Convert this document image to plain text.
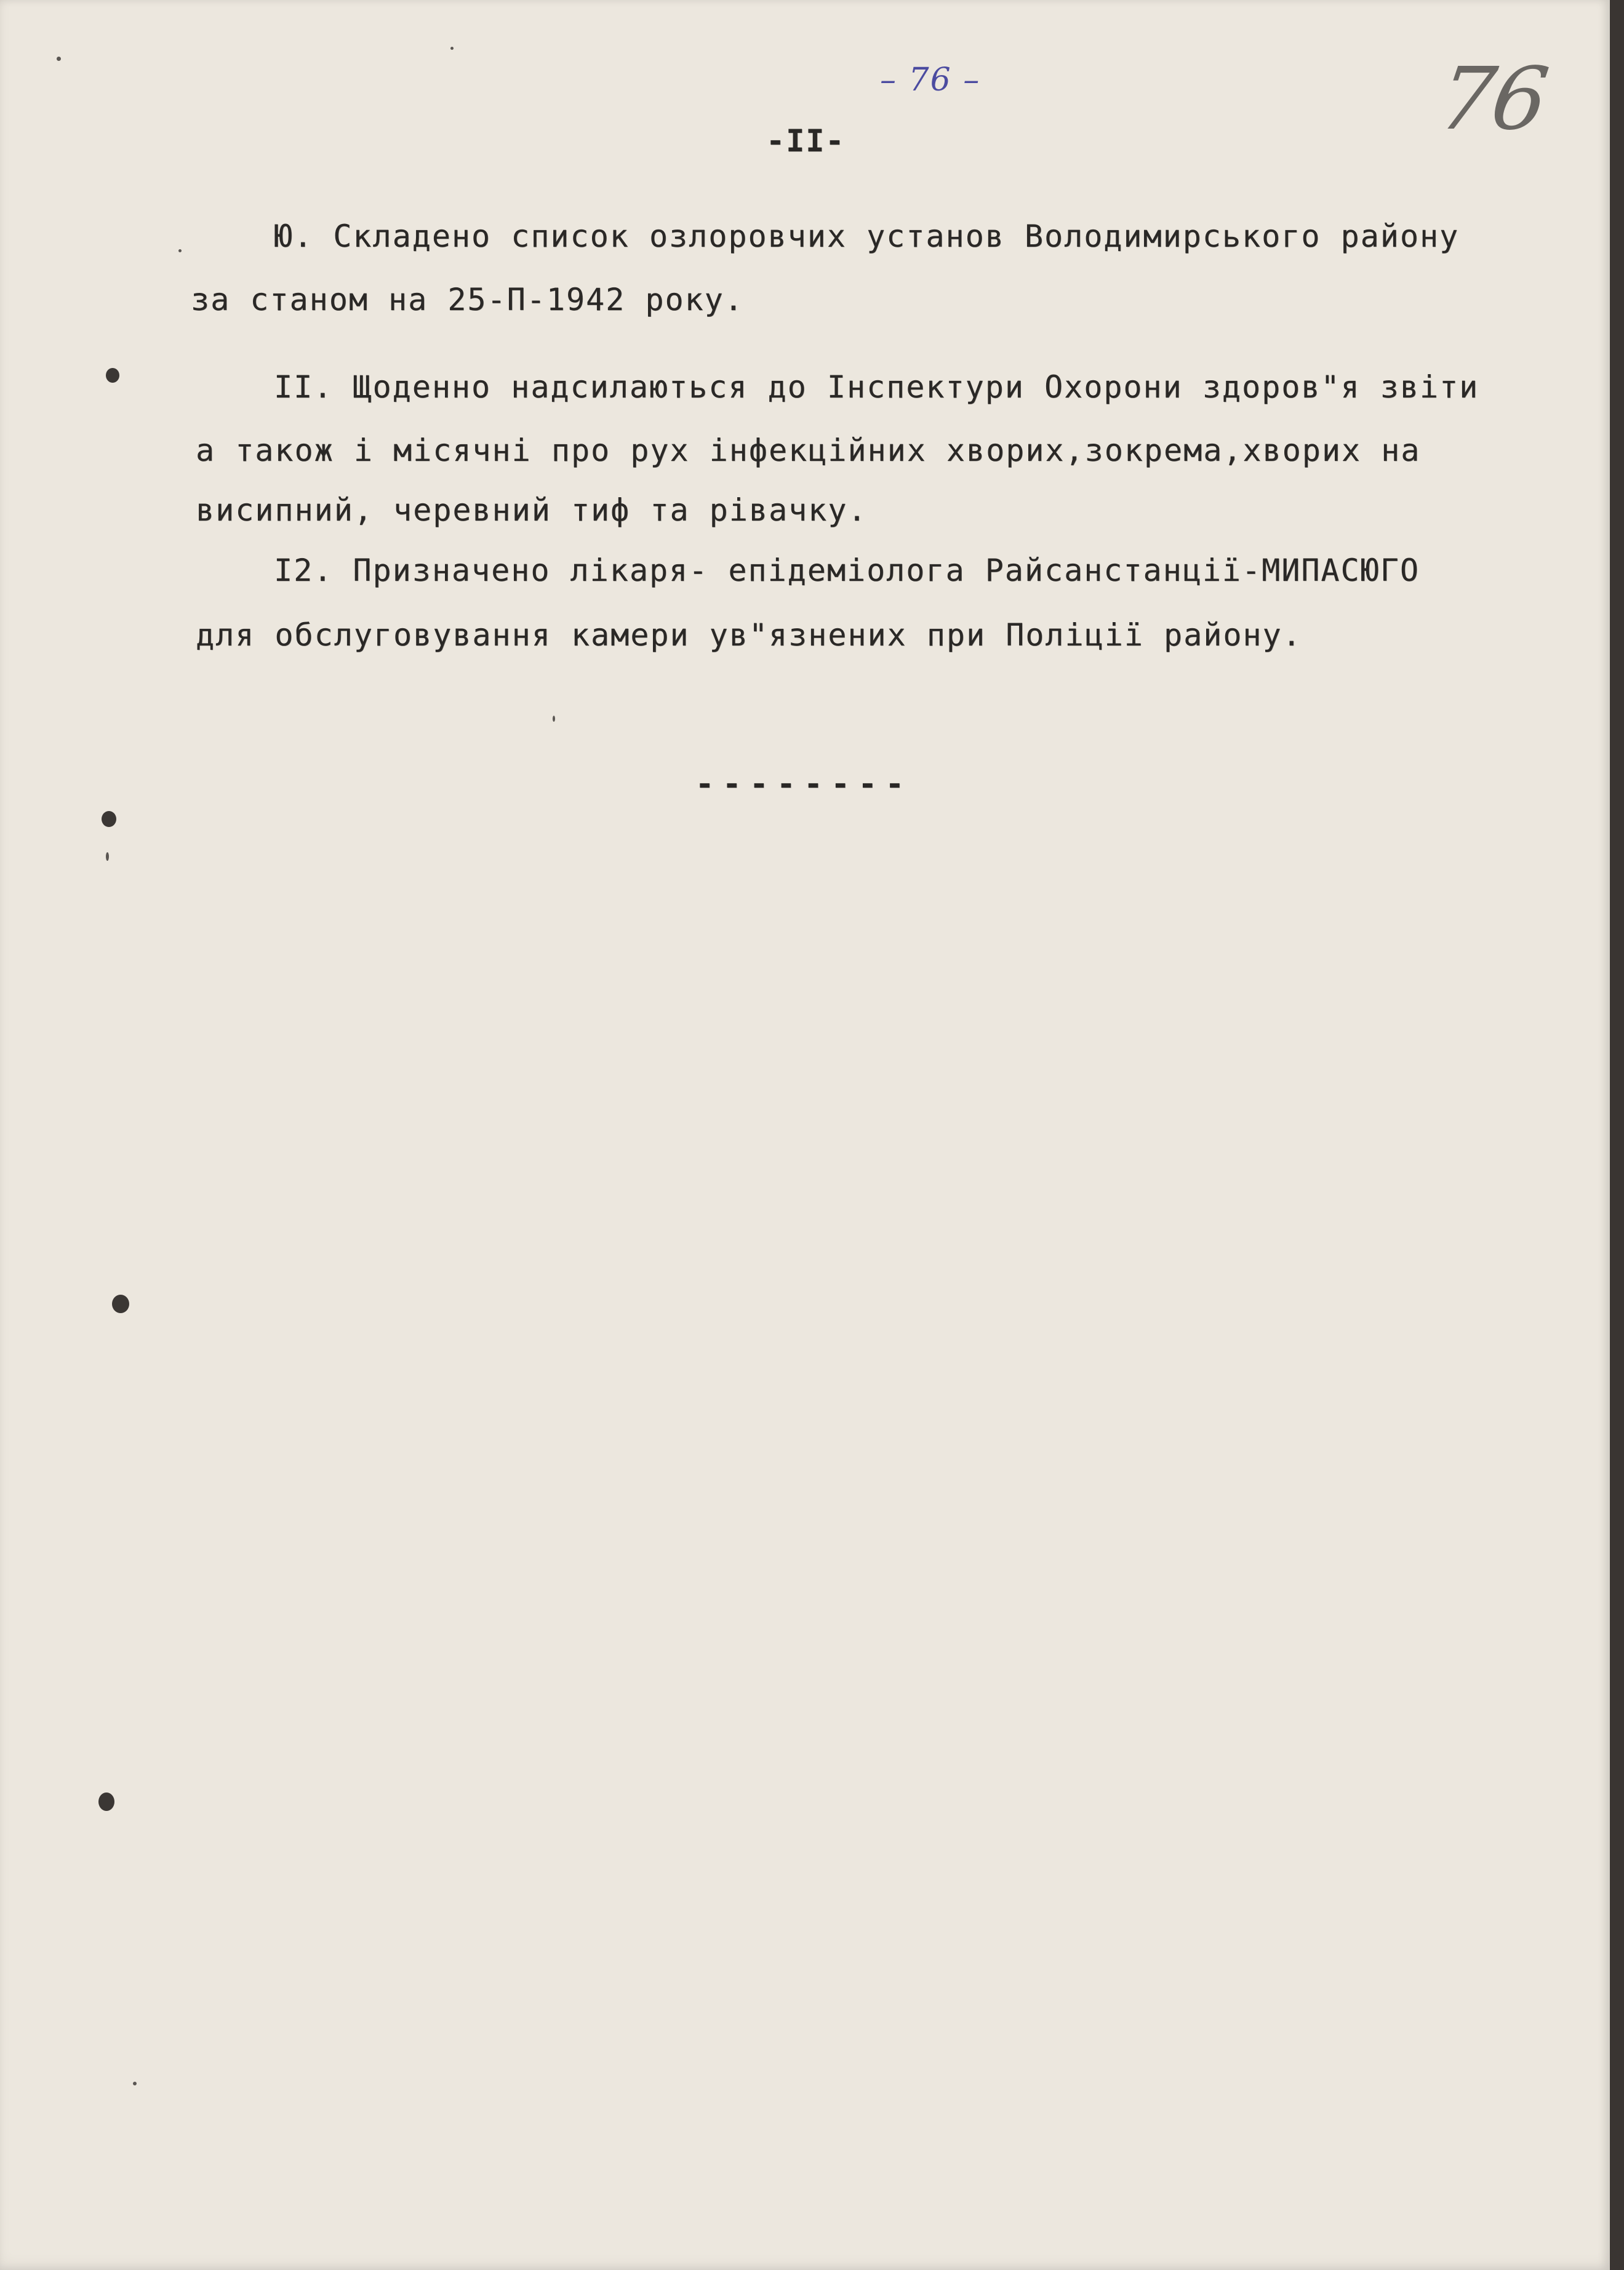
– 76 –	76
-II-
Ю. Складено список озлоровчих установ Володимирського району
за станом на 25-П-1942 року.
II. Щоденно надсилаються до Інспектури Охорони здоров"я звіти
а також і місячні про рух інфекційних хворих,зокрема,хворих на
висипний, черевний тиф та рівачку.
I2. Призначено лікаря- епідеміолога Райсанстанції-МИПАСЮГО
для обслуговування камери ув"язнених при Поліції району.
--------
